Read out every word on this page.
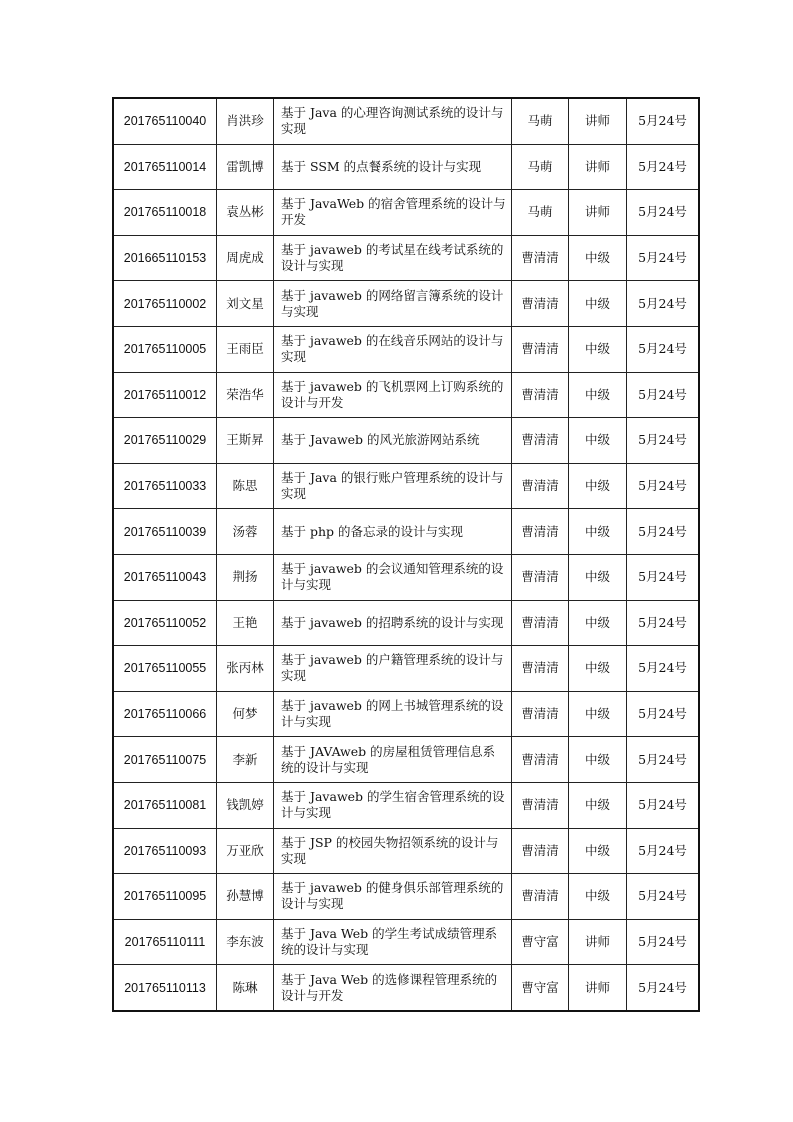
201765110040	肖洪珍	基于 Java 的心理咨询测试系统的设计与实现	马萌	讲师	5月24号
201765110014	雷凯博	基于 SSM 的点餐系统的设计与实现	马萌	讲师	5月24号
201765110018	袁丛彬	基于 JavaWeb 的宿舍管理系统的设计与开发	马萌	讲师	5月24号
201665110153	周虎成	基于 javaweb 的考试星在线考试系统的设计与实现	曹清清	中级	5月24号
201765110002	刘文星	基于 javaweb 的网络留言簿系统的设计与实现	曹清清	中级	5月24号
201765110005	王雨臣	基于 javaweb 的在线音乐网站的设计与实现	曹清清	中级	5月24号
201765110012	荣浩华	基于 javaweb 的飞机票网上订购系统的设计与开发	曹清清	中级	5月24号
201765110029	王斯昇	基于 Javaweb 的风光旅游网站系统	曹清清	中级	5月24号
201765110033	陈思	基于 Java 的银行账户管理系统的设计与实现	曹清清	中级	5月24号
201765110039	汤蓉	基于 php 的备忘录的设计与实现	曹清清	中级	5月24号
201765110043	荆扬	基于 javaweb 的会议通知管理系统的设计与实现	曹清清	中级	5月24号
201765110052	王艳	基于 javaweb 的招聘系统的设计与实现	曹清清	中级	5月24号
201765110055	张丙林	基于 javaweb 的户籍管理系统的设计与实现	曹清清	中级	5月24号
201765110066	何梦	基于 javaweb 的网上书城管理系统的设计与实现	曹清清	中级	5月24号
201765110075	李新	基于 JAVAweb 的房屋租赁管理信息系统的设计与实现	曹清清	中级	5月24号
201765110081	钱凯婷	基于 Javaweb 的学生宿舍管理系统的设计与实现	曹清清	中级	5月24号
201765110093	万亚欣	基于 JSP 的校园失物招领系统的设计与实现	曹清清	中级	5月24号
201765110095	孙慧博	基于 javaweb 的健身俱乐部管理系统的设计与实现	曹清清	中级	5月24号
201765110111	李东波	基于 Java Web 的学生考试成绩管理系统的设计与实现	曹守富	讲师	5月24号
201765110113	陈琳	基于 Java Web 的选修课程管理系统的设计与开发	曹守富	讲师	5月24号
